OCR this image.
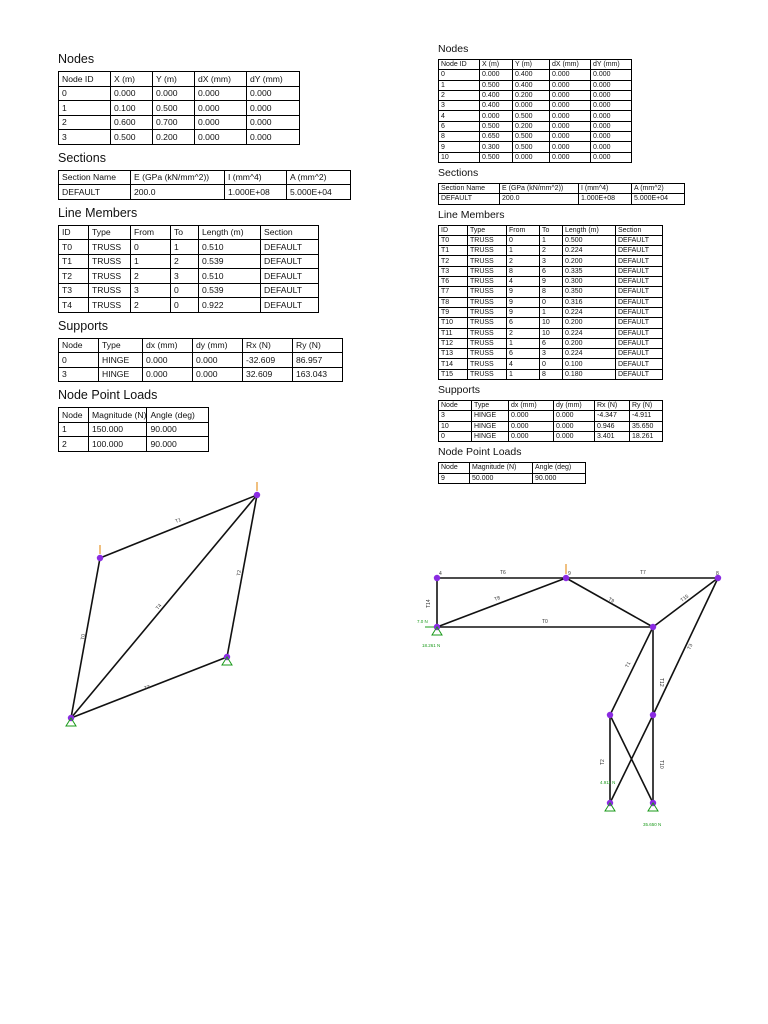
Nodes
Node ID	X (m)	Y (m)	dX (mm)	dY (mm)
0	0.000	0.000	0.000	0.000
1	0.100	0.500	0.000	0.000
2	0.600	0.700	0.000	0.000
3	0.500	0.200	0.000	0.000
Sections
Section Name	E (GPa (kN/mm^2))	I (mm^4)	A (mm^2)
DEFAULT	200.0	1.000E+08	5.000E+04
Line Members
ID	Type	From	To	Length (m)	Section
T0	TRUSS	0	1	0.510	DEFAULT
T1	TRUSS	1	2	0.539	DEFAULT
T2	TRUSS	2	3	0.510	DEFAULT
T3	TRUSS	3	0	0.539	DEFAULT
T4	TRUSS	2	0	0.922	DEFAULT
Supports
Node	Type	dx (mm)	dy (mm)	Rx (N)	Ry (N)
0	HINGE	0.000	0.000	-32.609	86.957
3	HINGE	0.000	0.000	32.609	163.043
Node Point Loads
Node	Magnitude (N)	Angle (deg)
1	150.000	90.000
2	100.000	90.000
Nodes
Node ID	X (m)	Y (m)	dX (mm)	dY (mm)
0	0.000	0.400	0.000	0.000
1	0.500	0.400	0.000	0.000
2	0.400	0.200	0.000	0.000
3	0.400	0.000	0.000	0.000
4	0.000	0.500	0.000	0.000
6	0.500	0.200	0.000	0.000
8	0.650	0.500	0.000	0.000
9	0.300	0.500	0.000	0.000
10	0.500	0.000	0.000	0.000
Sections
Section Name	E (GPa (kN/mm^2))	I (mm^4)	A (mm^2)
DEFAULT	200.0	1.000E+08	5.000E+04
Line Members
ID	Type	From	To	Length (m)	Section
T0	TRUSS	0	1	0.500	DEFAULT
T1	TRUSS	1	2	0.224	DEFAULT
T2	TRUSS	2	3	0.200	DEFAULT
T3	TRUSS	8	6	0.335	DEFAULT
T6	TRUSS	4	9	0.300	DEFAULT
T7	TRUSS	9	8	0.350	DEFAULT
T8	TRUSS	9	0	0.316	DEFAULT
T9	TRUSS	9	1	0.224	DEFAULT
T10	TRUSS	6	10	0.200	DEFAULT
T11	TRUSS	2	10	0.224	DEFAULT
T12	TRUSS	1	6	0.200	DEFAULT
T13	TRUSS	6	3	0.224	DEFAULT
T14	TRUSS	4	0	0.100	DEFAULT
T15	TRUSS	1	8	0.180	DEFAULT
Supports
Node	Type	dx (mm)	dy (mm)	Rx (N)	Ry (N)
3	HINGE	0.000	0.000	-4.347	-4.911
10	HINGE	0.000	0.000	0.946	35.650
0	HINGE	0.000	0.000	3.401	18.261
Node Point Loads
Node	Magnitude (N)	Angle (deg)
9	50.000	90.000
T1
T4
T2
T0
T3
T6	T7
T0
T8	T9	T15
T14
T3
T1
T12
T2	T10
4	9	8
7.0 N
18.261 N
4.911 N
35.650 N
